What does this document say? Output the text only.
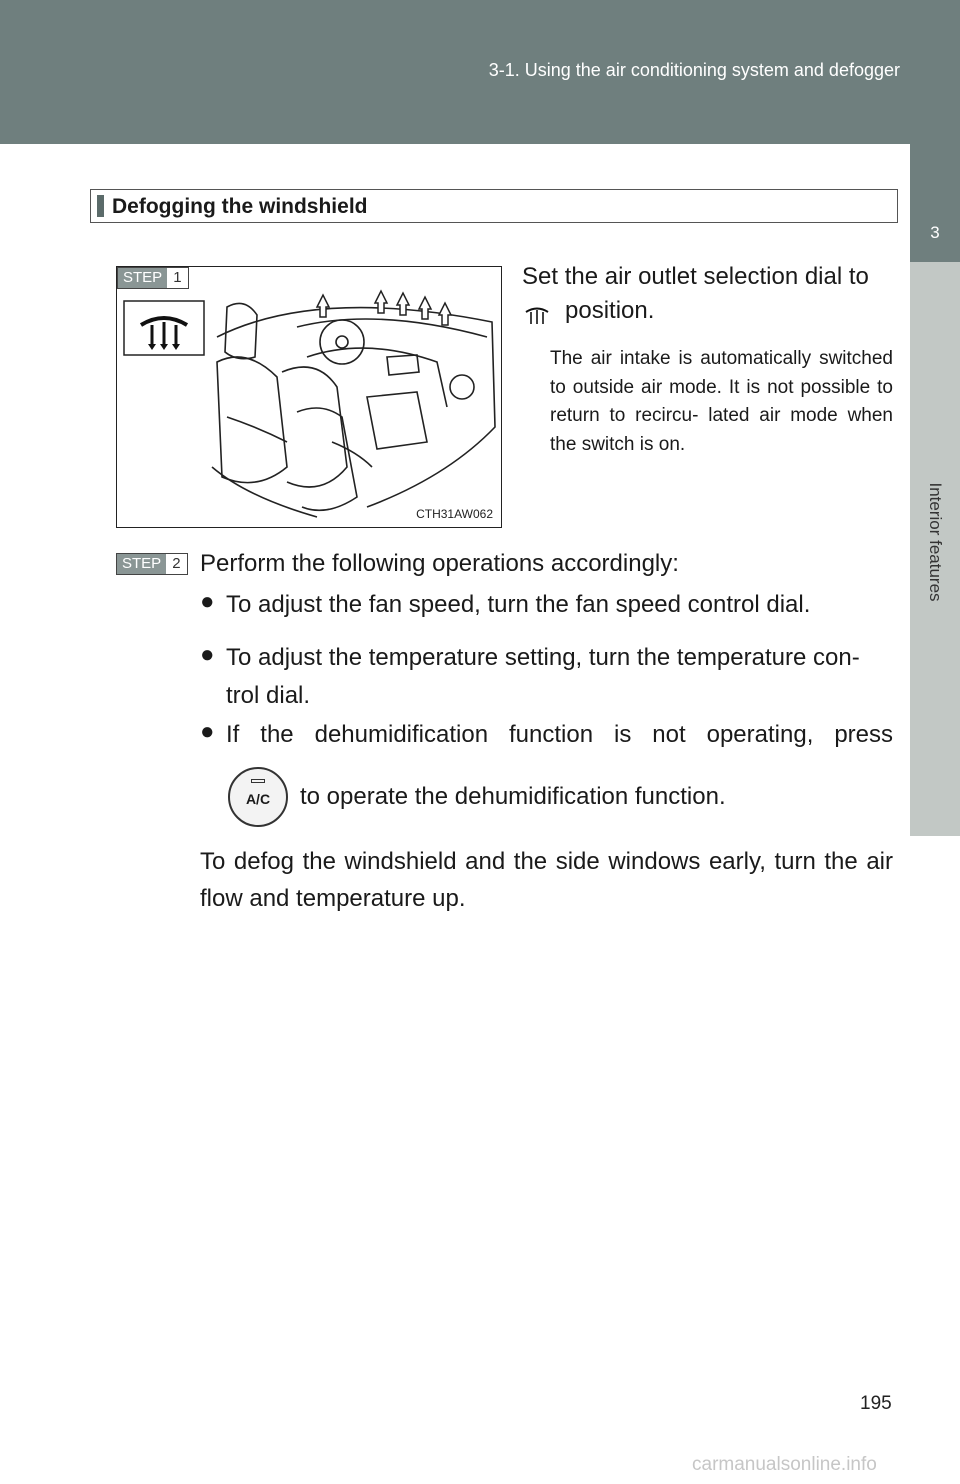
3-1. Using the air conditioning system and defogger
3
Interior features
Defogging the windshield
STEP 1
CTH31AW062
Set the air outlet selection dial to
position.
The air intake is automatically switched to outside air mode. It is not possible to return to recircu- lated air mode when the switch is on.
STEP 2 Perform the following operations accordingly:
● To adjust the fan speed, turn the fan speed control dial.
● To adjust the temperature setting, turn the temperature con- trol dial.
● If the dehumidification function is not operating, press
A/C	to operate the dehumidification function.
To defog the windshield and the side windows early, turn the air flow and temperature up.
195
carmanualsonline.info
